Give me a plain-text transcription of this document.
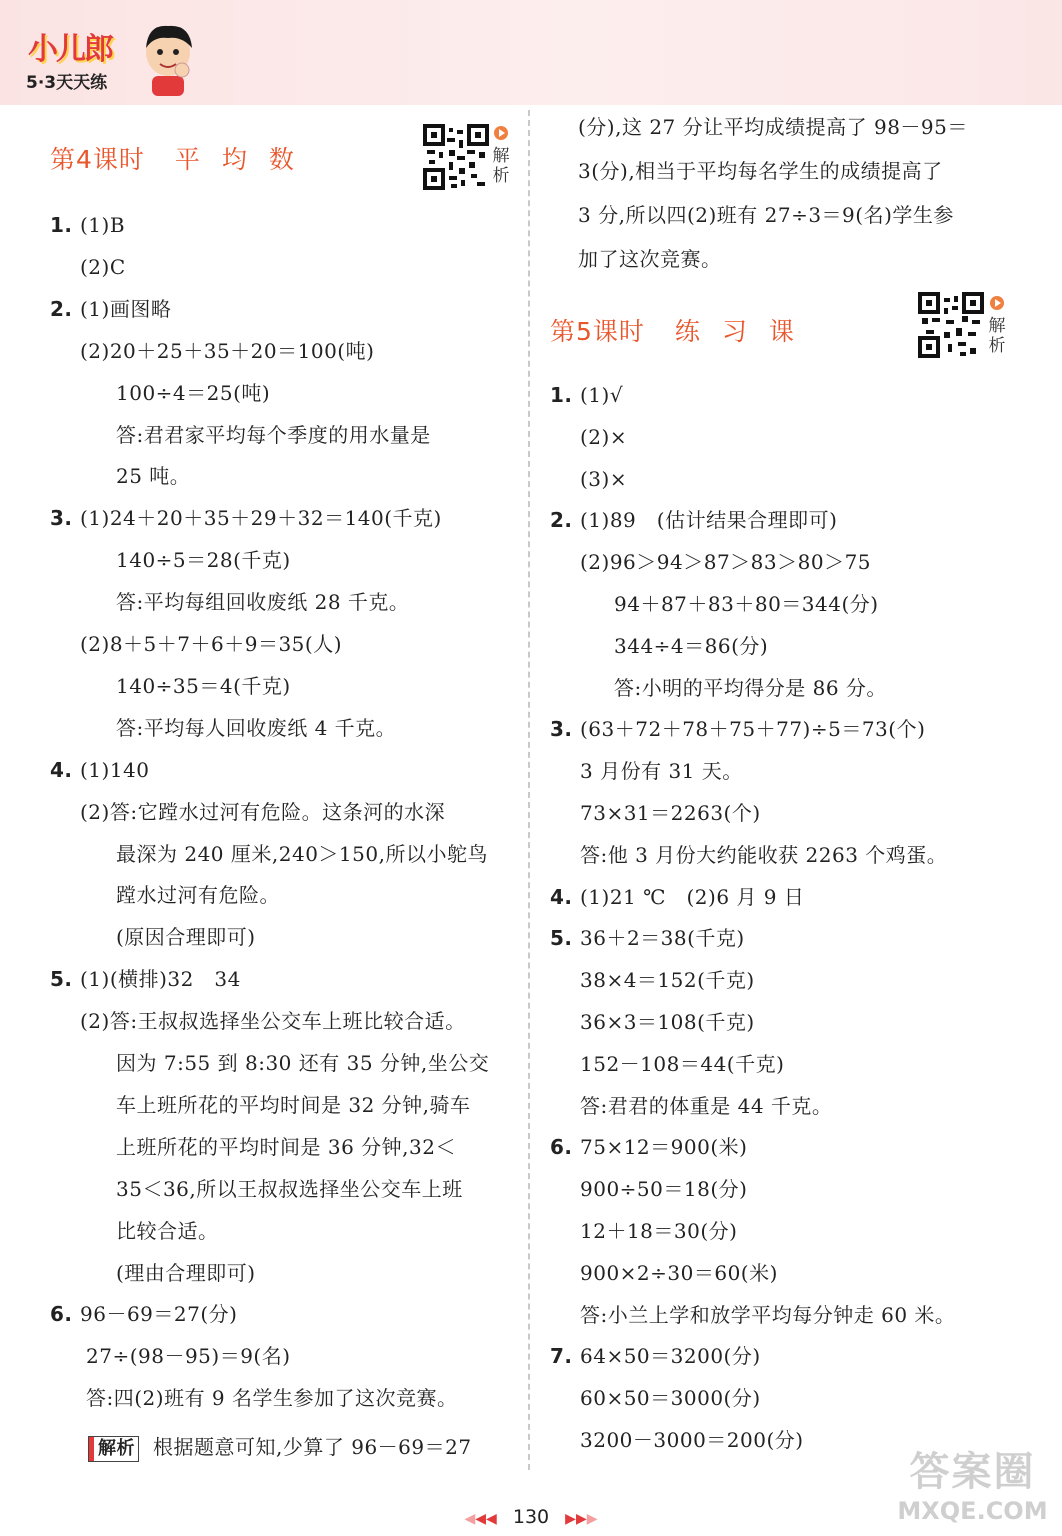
小儿郎
5·3天天练
第4课时 平均数	解析
1. (1)B
(2)C
2. (1)画图略
(2)20＋25＋35＋20＝100(吨)
100÷4＝25(吨)
答:君君家平均每个季度的用水量是
25 吨。
3. (1)24＋20＋35＋29＋32＝140(千克)
140÷5＝28(千克)
答:平均每组回收废纸 28 千克。
(2)8＋5＋7＋6＋9＝35(人)
140÷35＝4(千克)
答:平均每人回收废纸 4 千克。
4. (1)140
(2)答:它蹚水过河有危险。这条河的水深
最深为 240 厘米,240＞150,所以小鸵鸟
蹚水过河有危险。
(原因合理即可)
5. (1)(横排)32　34
(2)答:王叔叔选择坐公交车上班比较合适。
因为 7:55 到 8:30 还有 35 分钟,坐公交
车上班所花的平均时间是 32 分钟,骑车
上班所花的平均时间是 36 分钟,32＜
35＜36,所以王叔叔选择坐公交车上班
比较合适。
(理由合理即可)
6. 96－69＝27(分)
27÷(98－95)＝9(名)
答:四(2)班有 9 名学生参加了这次竞赛。
解析 根据题意可知,少算了 96－69＝27
(分),这 27 分让平均成绩提高了 98－95＝
3(分),相当于平均每名学生的成绩提高了
3 分,所以四(2)班有 27÷3＝9(名)学生参
加了这次竞赛。
第5课时 练习课	解析
1. (1)√
(2)×
(3)×
2. (1)89　(估计结果合理即可)
(2)96＞94＞87＞83＞80＞75
94＋87＋83＋80＝344(分)
344÷4＝86(分)
答:小明的平均得分是 86 分。
3. (63＋72＋78＋75＋77)÷5＝73(个)
3 月份有 31 天。
73×31＝2263(个)
答:他 3 月份大约能收获 2263 个鸡蛋。
4. (1)21 ℃　(2)6 月 9 日
5. 36＋2＝38(千克)
38×4＝152(千克)
36×3＝108(千克)
152－108＝44(千克)
答:君君的体重是 44 千克。
6. 75×12＝900(米)
900÷50＝18(分)
12＋18＝30(分)
900×2÷30＝60(米)
答:小兰上学和放学平均每分钟走 60 米。
7. 64×50＝3200(分)
60×50＝3000(分)
3200－3000＝200(分)
◀◀◀ 130 ▶▶▶
答案圈
MXQE.COM
